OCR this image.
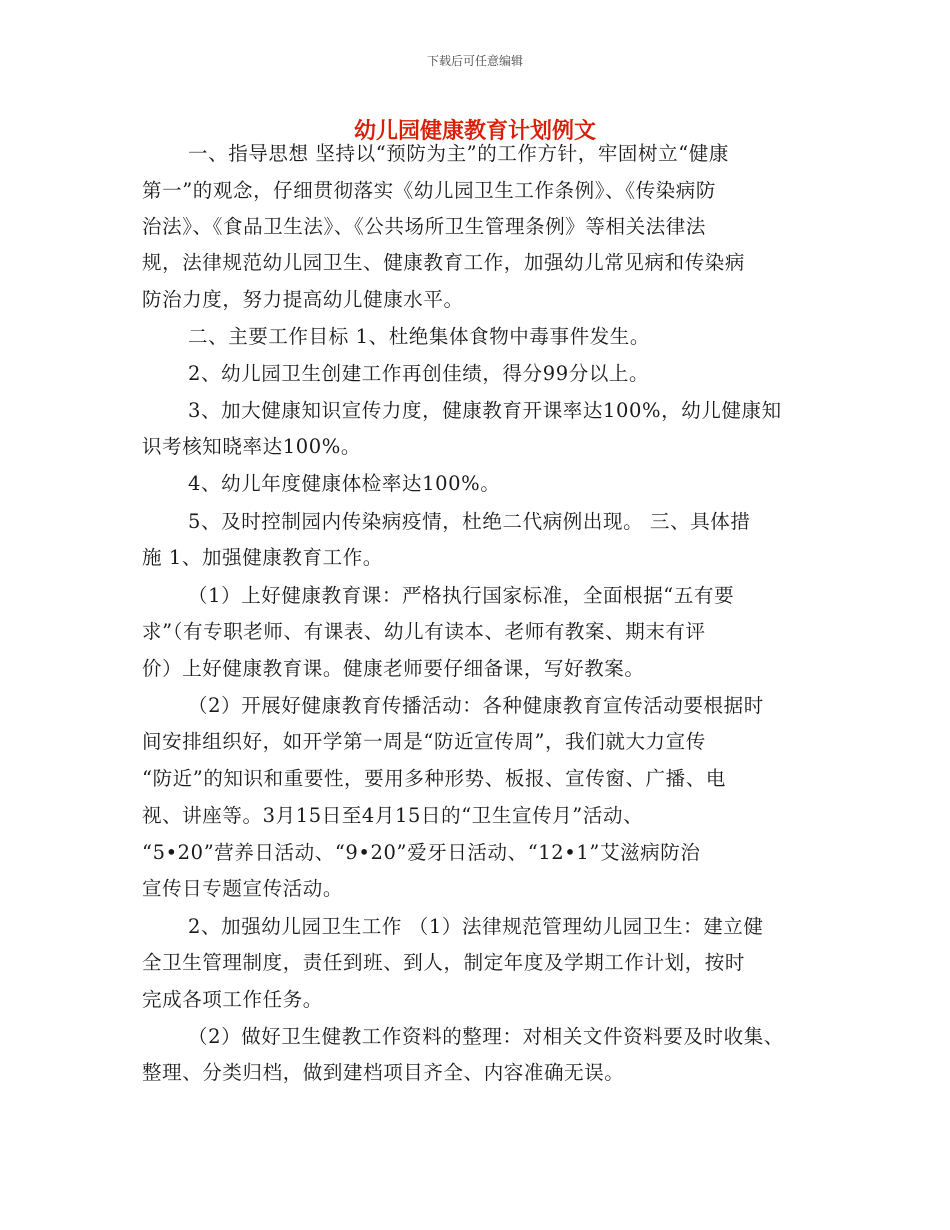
下载后可任意编辑
幼儿园健康教育计划例文
一、指导思想 坚持以“预防为主”的工作方针，牢固树立“健康
第一”的观念，仔细贯彻落实《幼儿园卫生工作条例》、《传染病防
治法》、《食品卫生法》、《公共场所卫生管理条例》等相关法律法
规，法律规范幼儿园卫生、健康教育工作，加强幼儿常见病和传染病
防治力度，努力提高幼儿健康水平。
二、主要工作目标 1、杜绝集体食物中毒事件发生。
2、幼儿园卫生创建工作再创佳绩，得分99分以上。
3、加大健康知识宣传力度，健康教育开课率达100%，幼儿健康知
识考核知晓率达100%。
4、幼儿年度健康体检率达100%。
5、及时控制园内传染病疫情，杜绝二代病例出现。 三、具体措
施 1、加强健康教育工作。
（1）上好健康教育课：严格执行国家标准，全面根据“五有要
求”（有专职老师、有课表、幼儿有读本、老师有教案、期末有评
价）上好健康教育课。健康老师要仔细备课，写好教案。
（2）开展好健康教育传播活动：各种健康教育宣传活动要根据时
间安排组织好，如开学第一周是“防近宣传周”，我们就大力宣传
“防近”的知识和重要性，要用多种形势、板报、宣传窗、广播、电
视、讲座等。3月15日至4月15日的“卫生宣传月”活动、
“5•20”营养日活动、“9•20”爱牙日活动、“12•1”艾滋病防治
宣传日专题宣传活动。
2、加强幼儿园卫生工作 （1）法律规范管理幼儿园卫生：建立健
全卫生管理制度，责任到班、到人，制定年度及学期工作计划，按时
完成各项工作任务。
（2）做好卫生健教工作资料的整理：对相关文件资料要及时收集、
整理、分类归档，做到建档项目齐全、内容准确无误。
